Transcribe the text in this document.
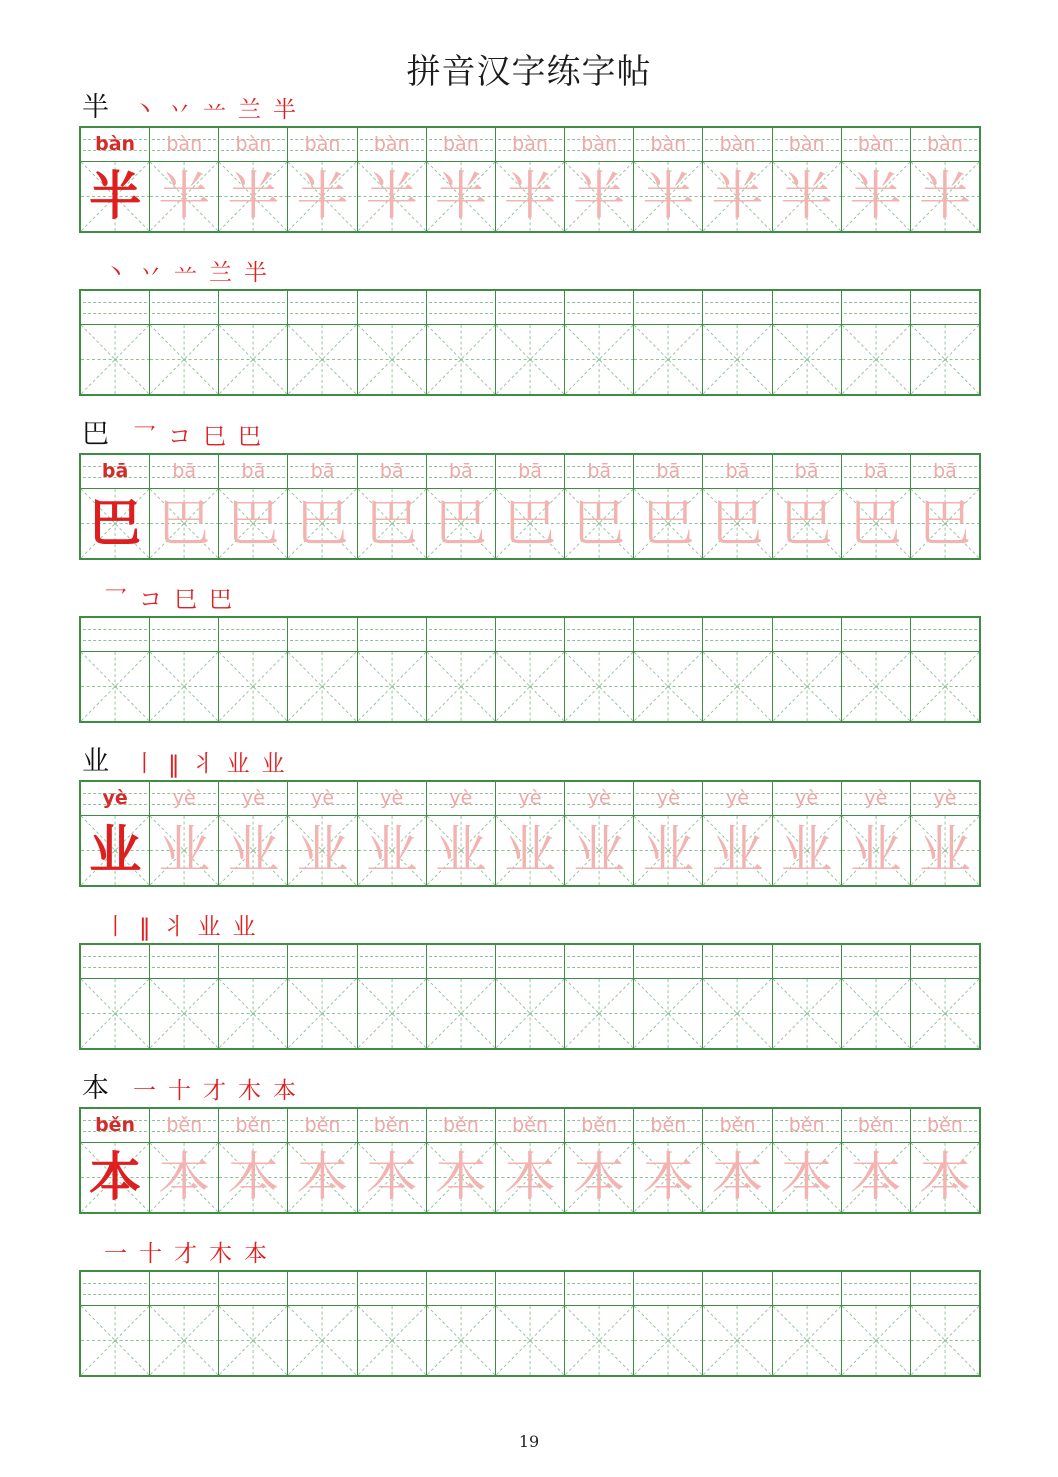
拼音汉字练字帖
半 丶 丷 䒑 兰 半
bàn
半
bàn
半
bàn
半
bàn
半
bàn
半
bàn
半
bàn
半
bàn
半
bàn
半
bàn
半
bàn
半
bàn
半
bàn
半
丶 丷 䒑 兰 半
巴 乛 コ 巳 巴
bā
巴
bā
巴
bā
巴
bā
巴
bā
巴
bā
巴
bā
巴
bā
巴
bā
巴
bā
巴
bā
巴
bā
巴
bā
巴
乛 コ 巳 巴
业 丨 ‖ 丬 业 业
yè
业
yè
业
yè
业
yè
业
yè
业
yè
业
yè
业
yè
业
yè
业
yè
业
yè
业
yè
业
yè
业
丨 ‖ 丬 业 业
本 一 十 才 木 本
běn
本
běn
本
běn
本
běn
本
běn
本
běn
本
běn
本
běn
本
běn
本
běn
本
běn
本
běn
本
běn
本
一 十 才 木 本
19
